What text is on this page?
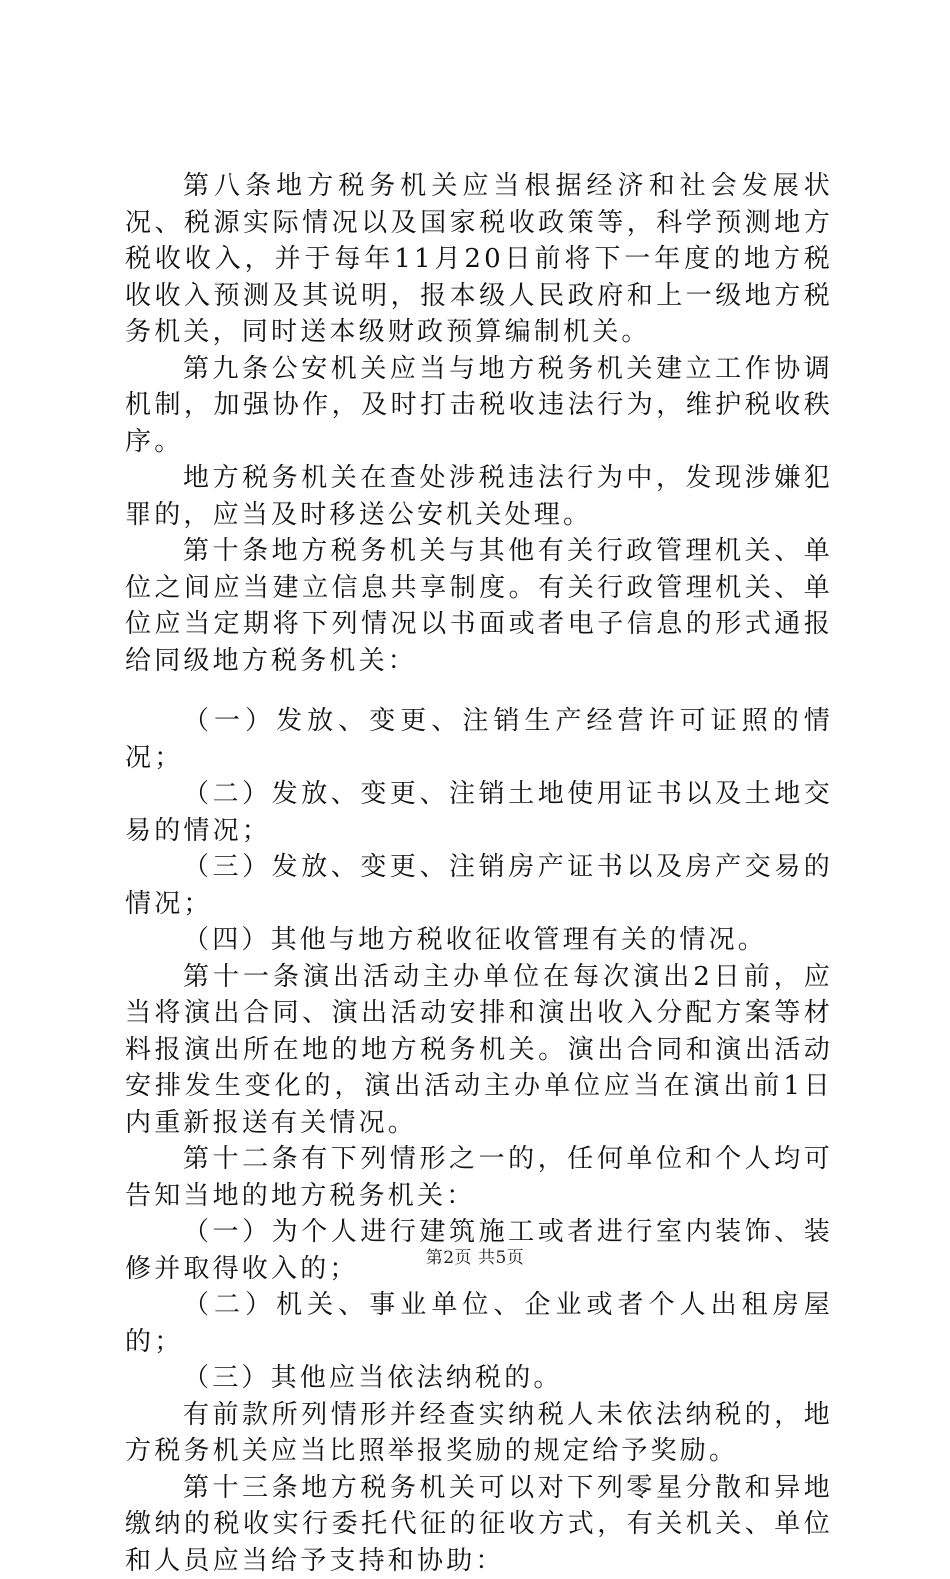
第八条地方税务机关应当根据经济和社会发展状况、税源实际情况以及国家税收政策等，科学预测地方税收收入，并于每年11月20日前将下一年度的地方税收收入预测及其说明，报本级人民政府和上一级地方税务机关，同时送本级财政预算编制机关。

第九条公安机关应当与地方税务机关建立工作协调机制，加强协作，及时打击税收违法行为，维护税收秩序。

地方税务机关在查处涉税违法行为中，发现涉嫌犯罪的，应当及时移送公安机关处理。

第十条地方税务机关与其他有关行政管理机关、单位之间应当建立信息共享制度。有关行政管理机关、单位应当定期将下列情况以书面或者电子信息的形式通报给同级地方税务机关：

（一）发放、变更、注销生产经营许可证照的情况；

（二）发放、变更、注销土地使用证书以及土地交易的情况；

（三）发放、变更、注销房产证书以及房产交易的情况；

（四）其他与地方税收征收管理有关的情况。

第十一条演出活动主办单位在每次演出2日前，应当将演出合同、演出活动安排和演出收入分配方案等材料报演出所在地的地方税务机关。演出合同和演出活动安排发生变化的，演出活动主办单位应当在演出前1日内重新报送有关情况。

第十二条有下列情形之一的，任何单位和个人均可告知当地的地方税务机关：

（一）为个人进行建筑施工或者进行室内装饰、装修并取得收入的；

（二）机关、事业单位、企业或者个人出租房屋的；

（三）其他应当依法纳税的。

有前款所列情形并经查实纳税人未依法纳税的，地方税务机关应当比照举报奖励的规定给予奖励。

第十三条地方税务机关可以对下列零星分散和异地缴纳的税收实行委托代征的征收方式，有关机关、单位和人员应当给予支持和协助：

第2页 共5页
